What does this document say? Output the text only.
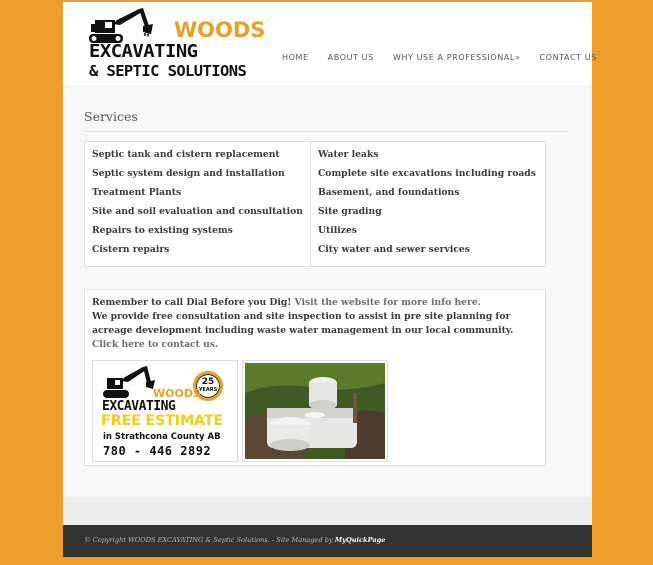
WOODS
EXCAVATING
& SEPTIC SOLUTIONS
HOME ABOUT US WHY USE A PROFESSIONAL» CONTACT US
Services
Septic tank and cistern replacement
Septic system design and installation
Treatment Plants
Site and soil evaluation and consultation
Repairs to existing systems
Cistern repairs
Water leaks
Complete site excavations including roads
Basement, and foundations
Site grading
Utilizes
City water and sewer services

Remember to call Dial Before you Dig! Visit the website for more info here.

We provide free consultation and site inspection to assist in pre site planning for acreage development including waste water management in our local community. Click here to contact us.

25
YEARS
WOODS
EXCAVATING
FREE ESTIMATE
in Strathcona County AB
780 - 446 2892

© Copyright WOODS EXCAVATING & Septic Solutions. - Site Managed by MyQuickPage
